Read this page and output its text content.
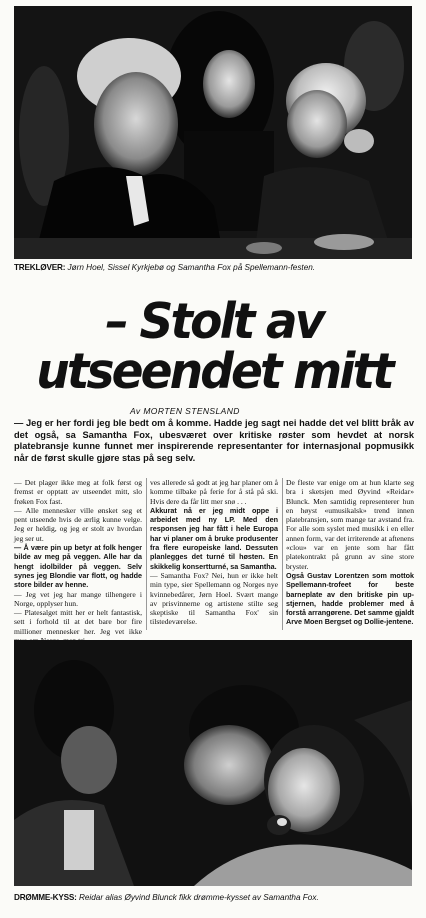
TREKLØVER: Jørn Hoel, Sissel Kyrkjebø og Samantha Fox på Spellemann-festen.
– Stolt av
utseendet mitt
Av MORTEN STENSLAND
— Jeg er her fordi jeg ble bedt om å komme. Hadde jeg sagt nei hadde det vel blitt bråk av det også, sa Samantha Fox, ubesværet over kritiske røster som hevdet at norsk platebransje kunne funnet mer inspirerende representanter for internasjonal popmusikk når de først skulle gjøre stas på seg selv.

— Det plager ikke meg at folk først og fremst er opptatt av utseendet mitt, slo frøken Fox fast.

— Alle mennesker ville ønsket seg et pent utseende hvis de ærlig kunne velge. Jeg er heldig, og jeg er stolt av hvordan jeg ser ut.

— Å være pin up betyr at folk henger bilde av meg på veggen. Alle har da hengt idolbilder på veggen. Selv synes jeg Blondie var flott, og hadde store bilder av henne.

— Jeg vet jeg har mange tilhengere i Norge, opplyser hun.

— Platesalget mitt her er helt fantastisk, sett i forhold til at det bare bor fire millioner mennesker her. Jeg vet ikke

ves allerede så godt at jeg har planer om å komme tilbake på ferie for å stå på ski. Hvis dere da får litt mer snø . . .

Akkurat nå er jeg midt oppe i arbeidet med ny LP. Med den responsen jeg har fått i hele Europa har vi planer om å bruke produsenter fra flere europeiske land. Dessuten planlegges det turné til høsten. En skikkelig konsertturné, sa Samantha.

— Samantha Fox? Nei, hun er ikke helt min type, sier Spellemann og Norges nye kvinnebedårer, Jørn Hoel. Svært mange av prisvinnerne og artistene stilte seg skeptiske til Samantha Fox' sin tilstedeværelse.

De fleste var enige om at hun klarte seg bra i sketsjen med Øyvind «Reidar» Blunck. Men samtidig representerer hun en høyst «umusikalsk» trend innen platebransjen, som mange tar avstand fra. For alle som syslet med musikk i en eller annen form, var det irriterende at aftenens «clou» var en jente som har fått platekontrakt på grunn av sine store bryster.

Også Gustav Lorentzen som mottok Spellemann-trofeet for beste barneplate av den britiske pin up-stjernen, hadde problemer med å forstå arrangørene. Det samme gjaldt Arve Moen Bergset og Dollie-jentene.

DRØMME-KYSS: Reidar alias Øyvind Blunck fikk drømme-kysset av Samantha Fox.
